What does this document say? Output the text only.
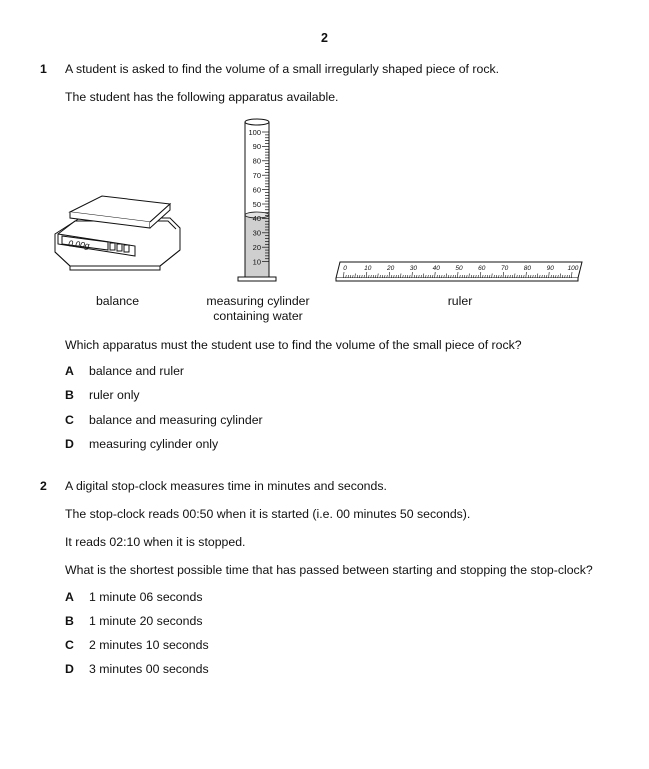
2
1 A student is asked to find the volume of a small irregularly shaped piece of rock.
The student has the following apparatus available.
0.00g
100
90
80
70
60
50
40
30
20
10
0	10 20 30 40 50 60 70 80 90 100
balance	measuring cylinder
containing water
ruler
Which apparatus must the student use to find the volume of the small piece of rock?
A	balance and ruler
B	ruler only
C	balance and measuring cylinder
D	measuring cylinder only
2 A digital stop-clock measures time in minutes and seconds.
The stop-clock reads 00:50 when it is started (i.e. 00 minutes 50 seconds).
It reads 02:10 when it is stopped.
What is the shortest possible time that has passed between starting and stopping the stop-clock?
A	1 minute 06 seconds
B	1 minute 20 seconds
C	2 minutes 10 seconds
D	3 minutes 00 seconds
